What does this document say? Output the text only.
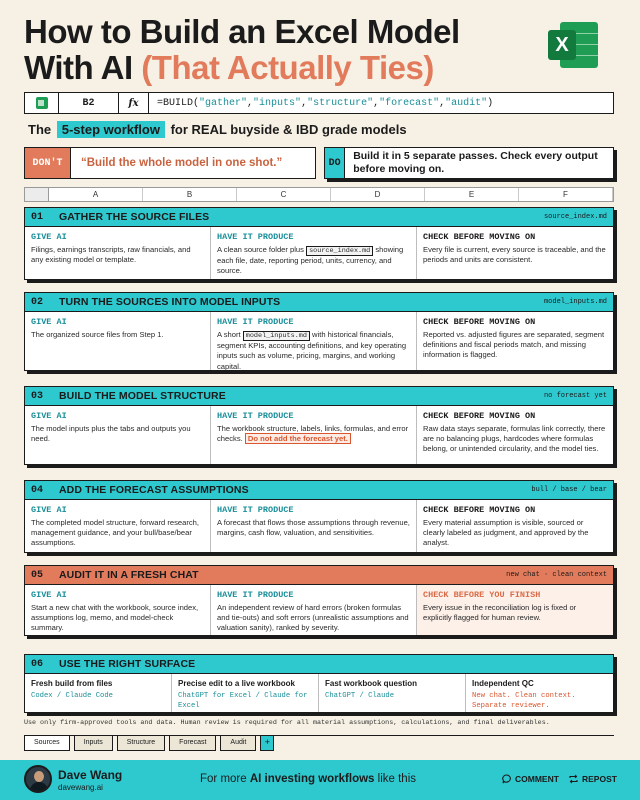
How to Build an Excel Model
With AI (That Actually Ties)
X
B2	fx	=BUILD("gather","inputs","structure","forecast","audit")
The 5-step workflow for REAL buyside & IBD grade models
DON'T	“Build the whole model in one shot.”	DO
Build it in 5 separate passes. Check every output before moving on.
A	B	C	D	E	F
01	GATHER THE SOURCE FILES	source_index.md
GIVE AI
Filings, earnings transcripts, raw financials, and any existing model or template.
HAVE IT PRODUCE
A clean source folder plus source_index.md showing each file, date, reporting period, units, currency, and source.
CHECK BEFORE MOVING ON
Every file is current, every source is traceable, and the periods and units are consistent.
02	TURN THE SOURCES INTO MODEL INPUTS	model_inputs.md
GIVE AI
The organized source files from Step 1.
HAVE IT PRODUCE
A short model_inputs.md with historical financials, segment KPIs, accounting definitions, and key operating inputs such as volume, pricing, margins, and working capital.
CHECK BEFORE MOVING ON
Reported vs. adjusted figures are separated, segment definitions and fiscal periods match, and missing information is flagged.
03	BUILD THE MODEL STRUCTURE	no forecast yet
GIVE AI
The model inputs plus the tabs and outputs you need.
HAVE IT PRODUCE
The workbook structure, labels, links, formulas, and error checks. Do not add the forecast yet.
CHECK BEFORE MOVING ON
Raw data stays separate, formulas link correctly, there are no balancing plugs, hardcodes where formulas belong, or unintended circularity, and the model ties.
04	ADD THE FORECAST ASSUMPTIONS	bull / base / bear
GIVE AI
The completed model structure, forward research, management guidance, and your bull/base/bear assumptions.
HAVE IT PRODUCE
A forecast that flows those assumptions through revenue, margins, cash flow, valuation, and sensitivities.
CHECK BEFORE MOVING ON
Every material assumption is visible, sourced or clearly labeled as judgment, and approved by the analyst.
05	AUDIT IT IN A FRESH CHAT	new chat · clean context
GIVE AI
Start a new chat with the workbook, source index, assumptions log, memo, and model-check summary.
HAVE IT PRODUCE
An independent review of hard errors (broken formulas and tie-outs) and soft errors (unrealistic assumptions and valuation sanity), ranked by severity.
CHECK BEFORE YOU FINISH
Every issue in the reconciliation log is fixed or explicitly flagged for human review.
06	USE THE RIGHT SURFACE
Fresh build from files
Codex / Claude Code
Precise edit to a live workbook
ChatGPT for Excel / Claude for Excel
Fast workbook question
ChatGPT / Claude
Independent QC
New chat. Clean context. Separate reviewer.
Use only firm-approved tools and data. Human review is required for all material assumptions, calculations, and final deliverables.
Sources	Inputs	Structure	Forecast	Audit	+
Dave Wang
davewang.ai
For more AI investing workflows like this	COMMENT	REPOST
